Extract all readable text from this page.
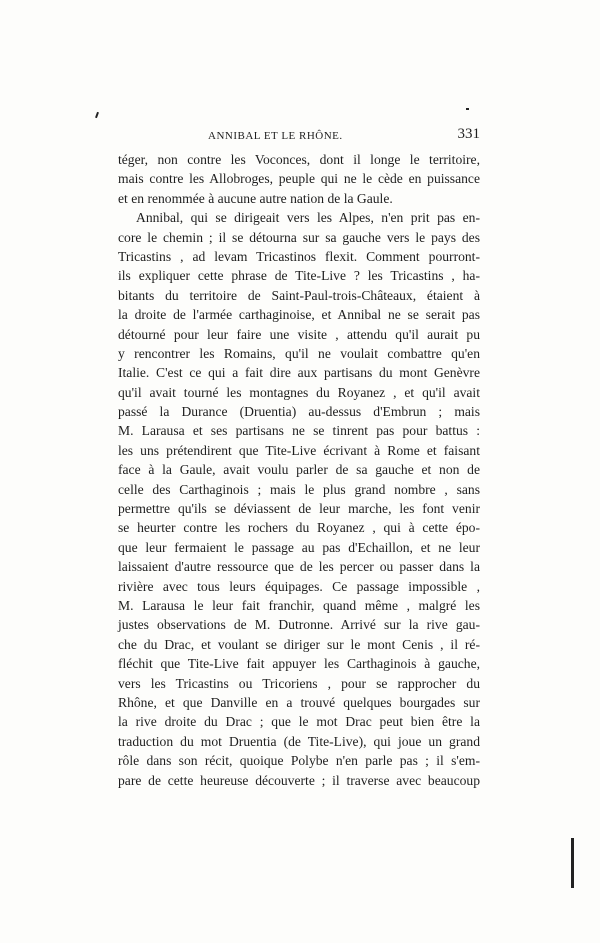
ANNIBAL ET LE RHÔNE.	331
téger, non contre les Voconces, dont il longe le territoire,
mais contre les Allobroges, peuple qui ne le cède en puissance
et en renommée à aucune autre nation de la Gaule.
Annibal, qui se dirigeait vers les Alpes, n'en prit pas en-
core le chemin ; il se détourna sur sa gauche vers le pays des
Tricastins , ad levam Tricastinos flexit. Comment pourront-
ils expliquer cette phrase de Tite-Live ? les Tricastins , ha-
bitants du territoire de Saint-Paul-trois-Châteaux, étaient à
la droite de l'armée carthaginoise, et Annibal ne se serait pas
détourné pour leur faire une visite , attendu qu'il aurait pu
y rencontrer les Romains, qu'il ne voulait combattre qu'en
Italie. C'est ce qui a fait dire aux partisans du mont Genèvre
qu'il avait tourné les montagnes du Royanez , et qu'il avait
passé la Durance (Druentia) au-dessus d'Embrun ; mais
M. Larausa et ses partisans ne se tinrent pas pour battus :
les uns prétendirent que Tite-Live écrivant à Rome et faisant
face à la Gaule, avait voulu parler de sa gauche et non de
celle des Carthaginois ; mais le plus grand nombre , sans
permettre qu'ils se déviassent de leur marche, les font venir
se heurter contre les rochers du Royanez , qui à cette épo-
que leur fermaient le passage au pas d'Echaillon, et ne leur
laissaient d'autre ressource que de les percer ou passer dans la
rivière avec tous leurs équipages. Ce passage impossible ,
M. Larausa le leur fait franchir, quand même , malgré les
justes observations de M. Dutronne. Arrivé sur la rive gau-
che du Drac, et voulant se diriger sur le mont Cenis , il ré-
fléchit que Tite-Live fait appuyer les Carthaginois à gauche,
vers les Tricastins ou Tricoriens , pour se rapprocher du
Rhône, et que Danville en a trouvé quelques bourgades sur
la rive droite du Drac ; que le mot Drac peut bien être la
traduction du mot Druentia (de Tite-Live), qui joue un grand
rôle dans son récit, quoique Polybe n'en parle pas ; il s'em-
pare de cette heureuse découverte ; il traverse avec beaucoup
